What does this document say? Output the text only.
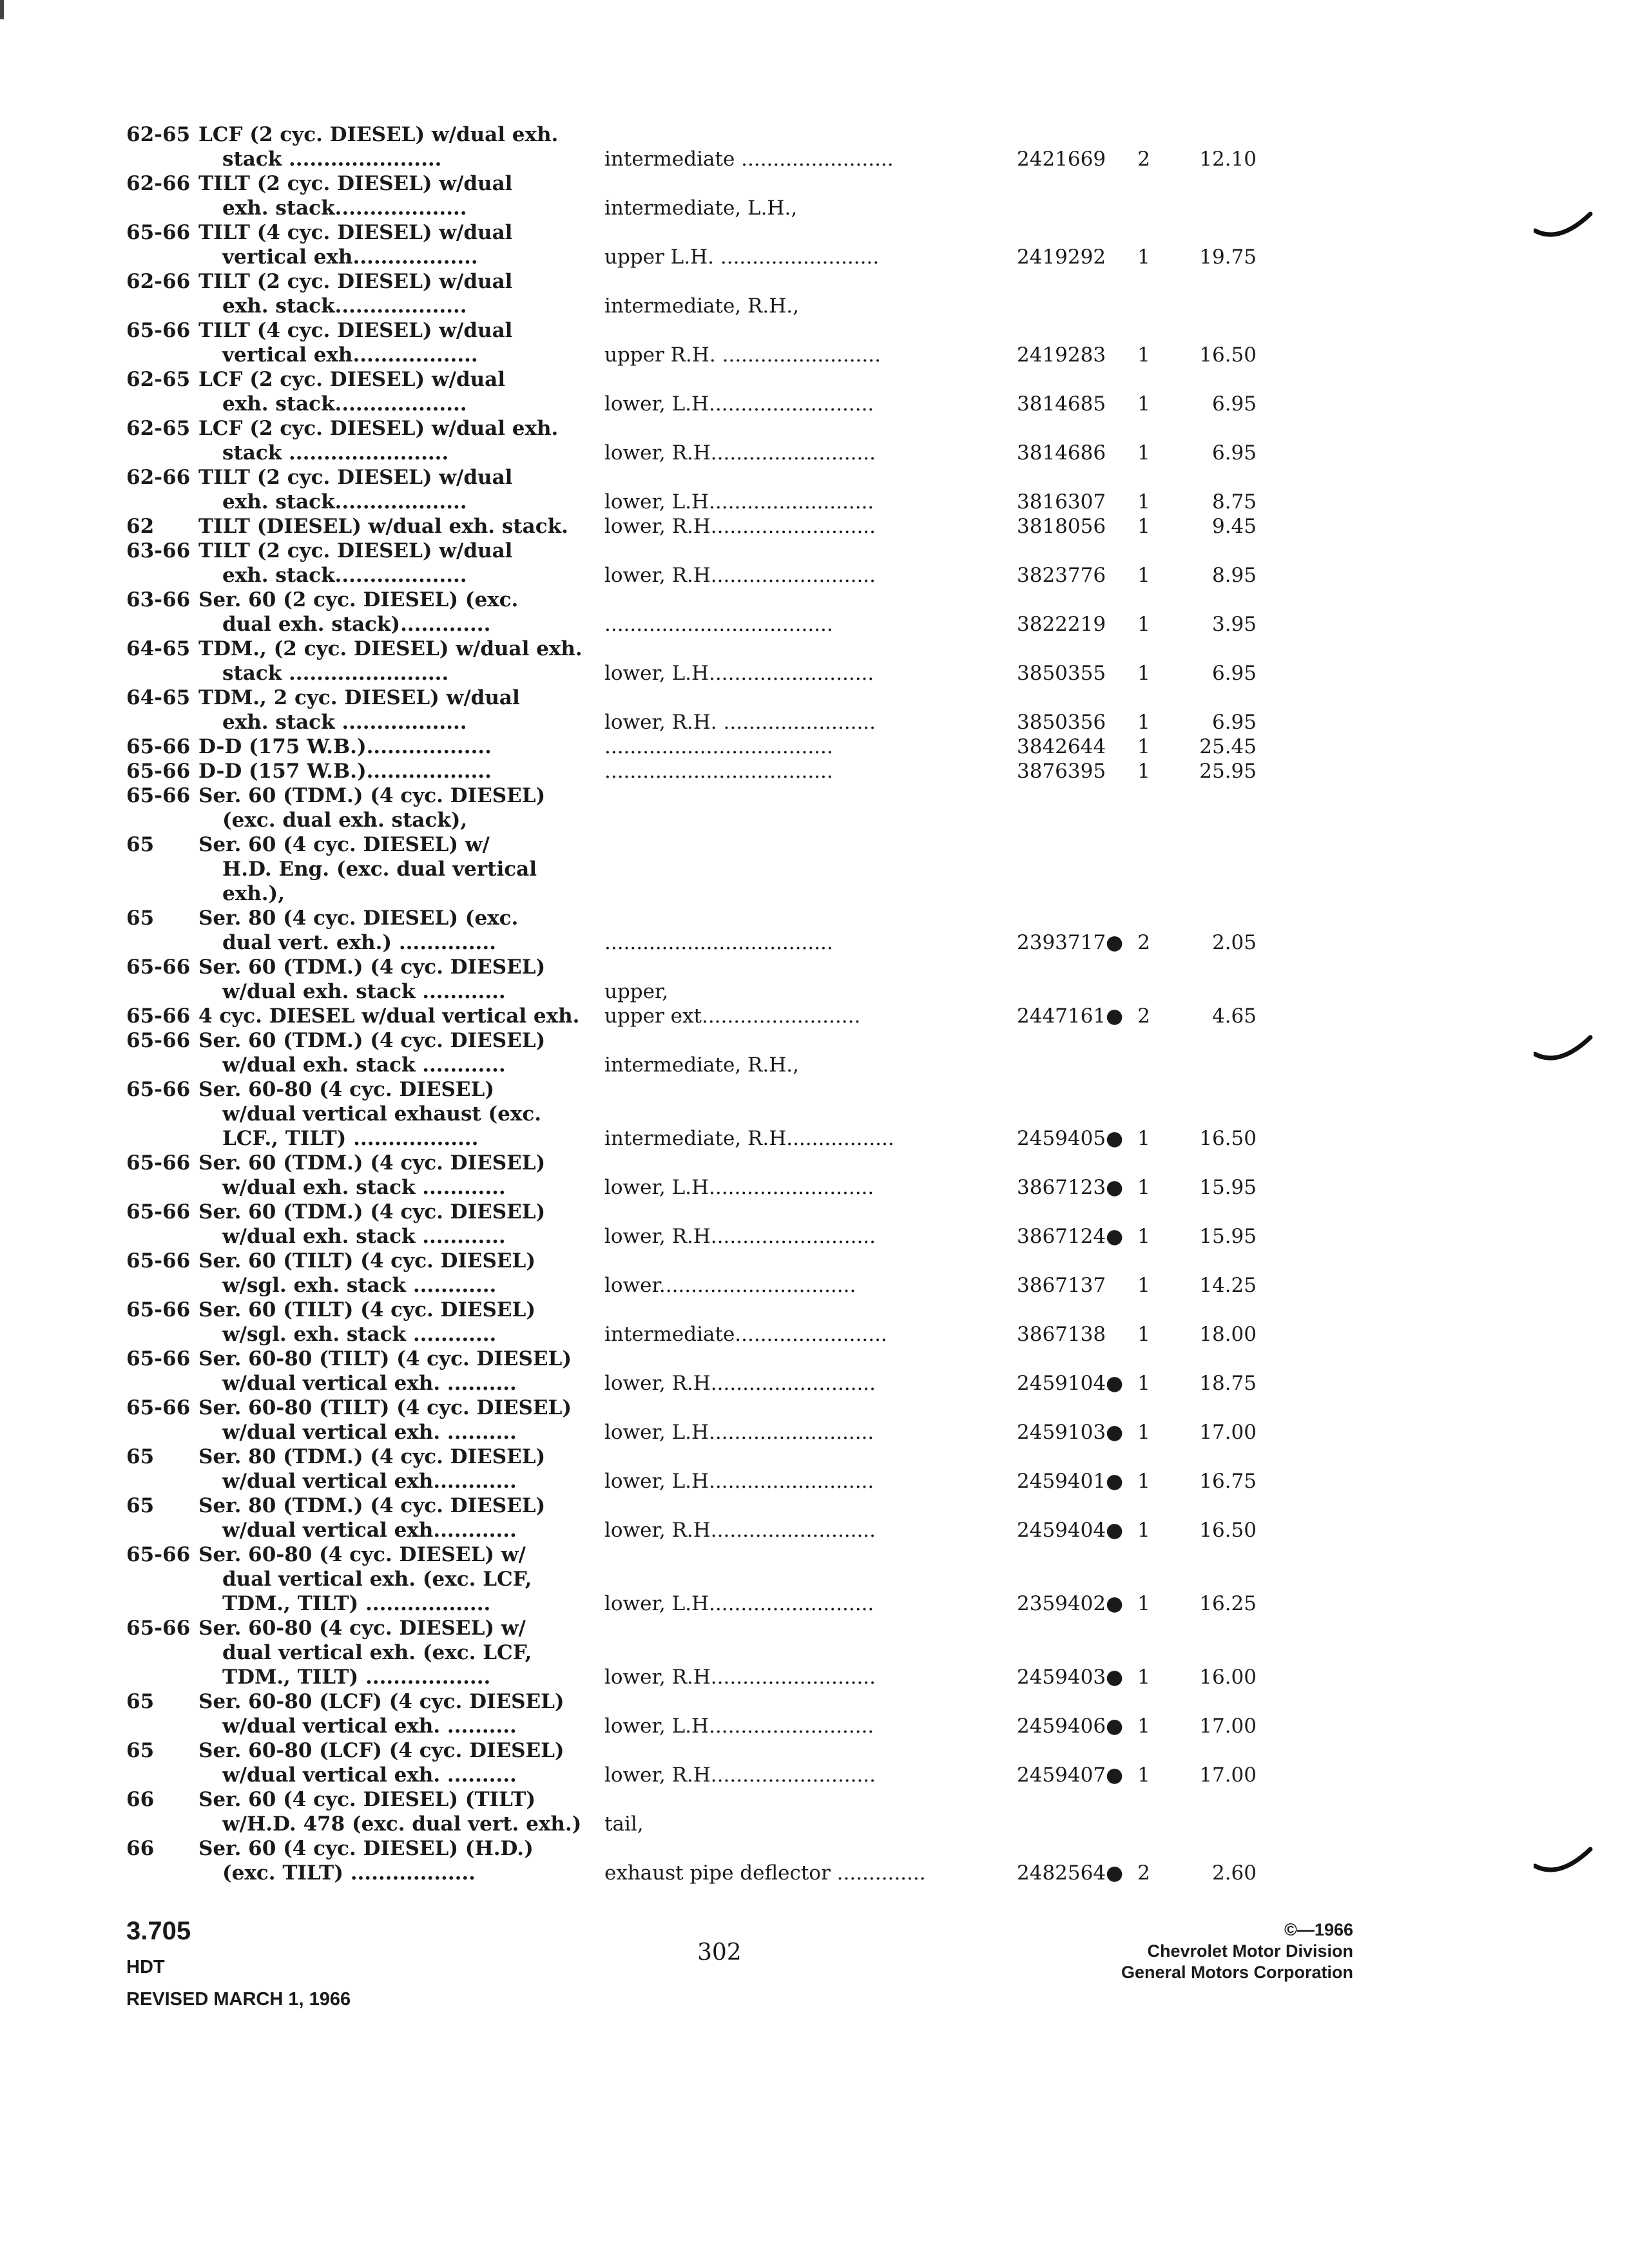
62-65 LCF (2 cyc. DIESEL) w/dual exh.
stack ......................	intermediate ........................	2421669 2	12.10
62-66 TILT (2 cyc. DIESEL) w/dual
exh. stack...................	intermediate, L.H.,
65-66 TILT (4 cyc. DIESEL) w/dual
vertical exh..................	upper L.H. .........................	2419292 1	19.75
62-66 TILT (2 cyc. DIESEL) w/dual
exh. stack...................	intermediate, R.H.,
65-66 TILT (4 cyc. DIESEL) w/dual
vertical exh..................	upper R.H. .........................	2419283 1	16.50
62-65 LCF (2 cyc. DIESEL) w/dual
exh. stack...................	lower, L.H..........................	3814685 1	6.95
62-65 LCF (2 cyc. DIESEL) w/dual exh.
stack .......................	lower, R.H..........................	3814686 1	6.95
62-66 TILT (2 cyc. DIESEL) w/dual
exh. stack...................	lower, L.H..........................	3816307 1	8.75
62 TILT (DIESEL) w/dual exh. stack. lower, R.H..........................	3818056 1	9.45
63-66 TILT (2 cyc. DIESEL) w/dual
exh. stack...................	lower, R.H..........................	3823776 1	8.95
63-66 Ser. 60 (2 cyc. DIESEL) (exc.
dual exh. stack).............	....................................	3822219 1	3.95
64-65 TDM., (2 cyc. DIESEL) w/dual exh.
stack .......................	lower, L.H..........................	3850355 1	6.95
64-65 TDM., 2 cyc. DIESEL) w/dual
exh. stack ..................	lower, R.H. ........................	3850356 1	6.95
65-66 D-D (175 W.B.)..................	....................................	3842644 1	25.45
65-66 D-D (157 W.B.)..................	....................................	3876395 1	25.95
65-66 Ser. 60 (TDM.) (4 cyc. DIESEL)
(exc. dual exh. stack),
65 Ser. 60 (4 cyc. DIESEL) w/
H.D. Eng. (exc. dual vertical
exh.),
65 Ser. 80 (4 cyc. DIESEL) (exc.
dual vert. exh.) ..............	....................................	2393717● 2	2.05
65-66 Ser. 60 (TDM.) (4 cyc. DIESEL)
w/dual exh. stack ............	upper,
65-66 4 cyc. DIESEL w/dual vertical exh. upper ext.........................	2447161● 2	4.65
65-66 Ser. 60 (TDM.) (4 cyc. DIESEL)
w/dual exh. stack ............	intermediate, R.H.,
65-66 Ser. 60-80 (4 cyc. DIESEL)
w/dual vertical exhaust (exc.
LCF., TILT) ..................	intermediate, R.H.................	2459405● 1	16.50
65-66 Ser. 60 (TDM.) (4 cyc. DIESEL)
w/dual exh. stack ............	lower, L.H..........................	3867123● 1	15.95
65-66 Ser. 60 (TDM.) (4 cyc. DIESEL)
w/dual exh. stack ............	lower, R.H..........................	3867124● 1	15.95
65-66 Ser. 60 (TILT) (4 cyc. DIESEL)
w/sgl. exh. stack ............	lower...............................	3867137 1	14.25
65-66 Ser. 60 (TILT) (4 cyc. DIESEL)
w/sgl. exh. stack ............	intermediate........................	3867138 1	18.00
65-66 Ser. 60-80 (TILT) (4 cyc. DIESEL)
w/dual vertical exh. ..........	lower, R.H..........................	2459104● 1	18.75
65-66 Ser. 60-80 (TILT) (4 cyc. DIESEL)
w/dual vertical exh. ..........	lower, L.H..........................	2459103● 1	17.00
65 Ser. 80 (TDM.) (4 cyc. DIESEL)
w/dual vertical exh............	lower, L.H..........................	2459401● 1	16.75
65 Ser. 80 (TDM.) (4 cyc. DIESEL)
w/dual vertical exh............	lower, R.H..........................	2459404● 1	16.50
65-66 Ser. 60-80 (4 cyc. DIESEL) w/
dual vertical exh. (exc. LCF,
TDM., TILT) ..................	lower, L.H..........................	2359402● 1	16.25
65-66 Ser. 60-80 (4 cyc. DIESEL) w/
dual vertical exh. (exc. LCF,
TDM., TILT) ..................	lower, R.H..........................	2459403● 1	16.00
65 Ser. 60-80 (LCF) (4 cyc. DIESEL)
w/dual vertical exh. ..........	lower, L.H..........................	2459406● 1	17.00
65 Ser. 60-80 (LCF) (4 cyc. DIESEL)
w/dual vertical exh. ..........	lower, R.H..........................	2459407● 1	17.00
66 Ser. 60 (4 cyc. DIESEL) (TILT)
w/H.D. 478 (exc. dual vert. exh.) tail,
66 Ser. 60 (4 cyc. DIESEL) (H.D.)
(exc. TILT) ..................	exhaust pipe deflector ..............	2482564● 2	2.60
3.705
HDT
REVISED MARCH 1, 1966
302
©—1966
Chevrolet Motor Division
General Motors Corporation
